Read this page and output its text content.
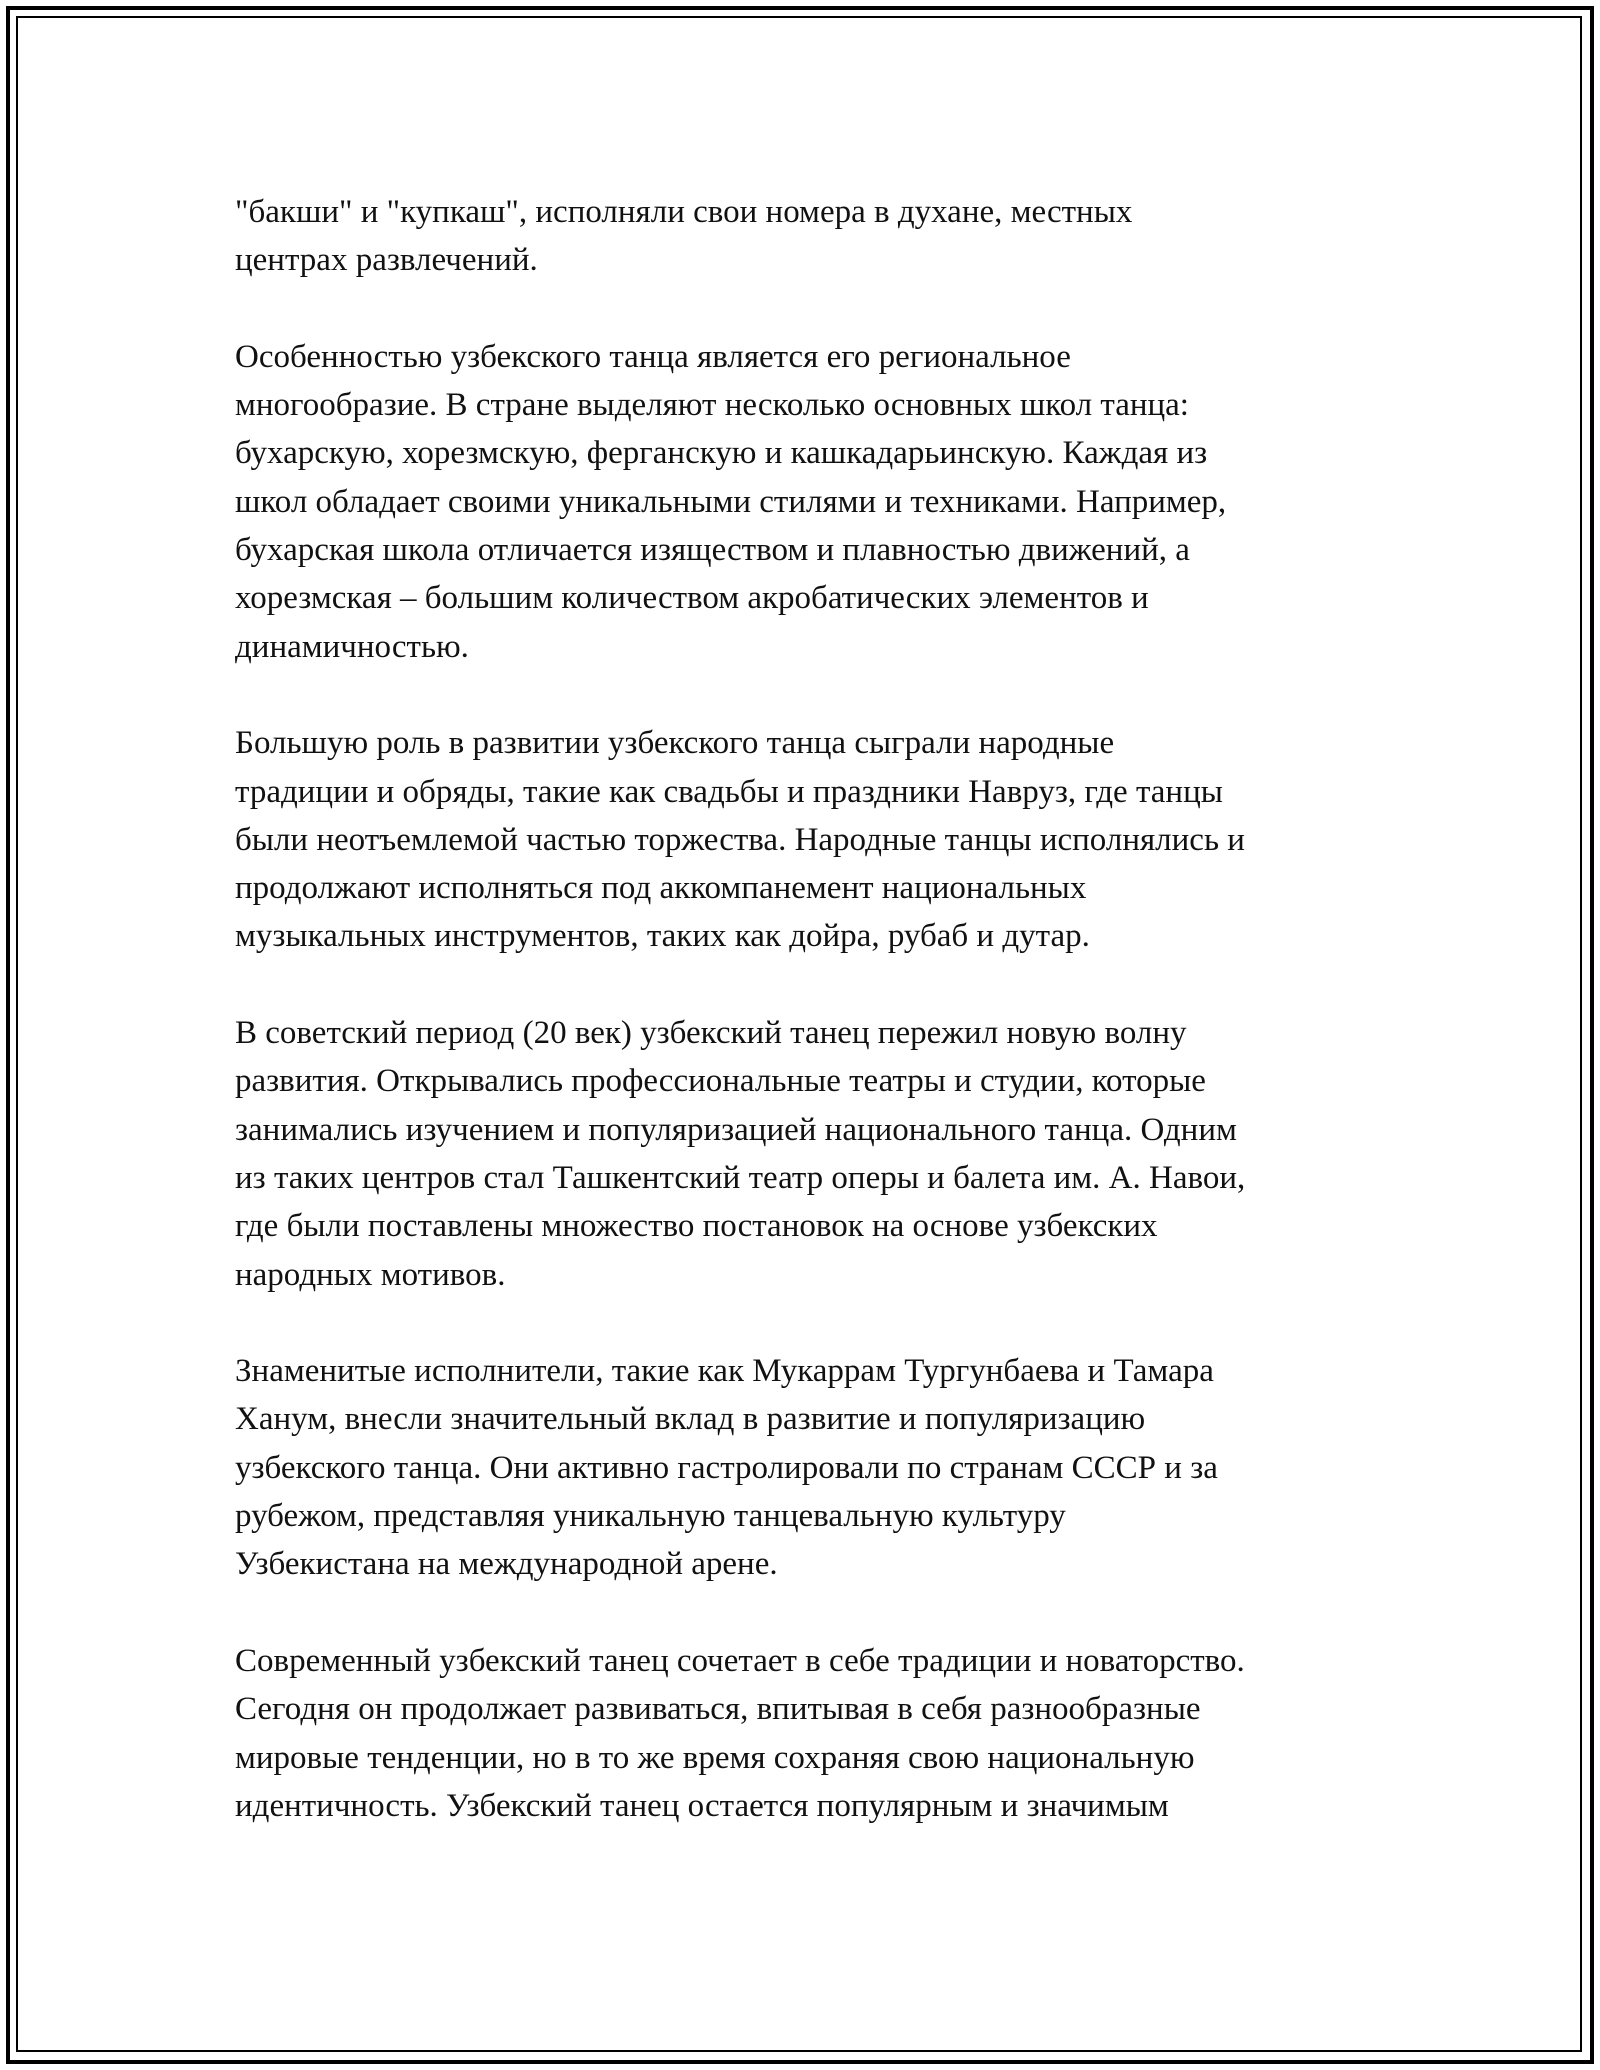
"бакши" и "купкаш", исполняли свои номера в духане, местных
центрах развлечений.

Особенностью узбекского танца является его региональное
многообразие. В стране выделяют несколько основных школ танца:
бухарскую, хорезмскую, ферганскую и кашкадарьинскую. Каждая из
школ обладает своими уникальными стилями и техниками. Например,
бухарская школа отличается изяществом и плавностью движений, а
хорезмская – большим количеством акробатических элементов и
динамичностью.

Большую роль в развитии узбекского танца сыграли народные
традиции и обряды, такие как свадьбы и праздники Навруз, где танцы
были неотъемлемой частью торжества. Народные танцы исполнялись и
продолжают исполняться под аккомпанемент национальных
музыкальных инструментов, таких как дойра, рубаб и дутар.

В советский период (20 век) узбекский танец пережил новую волну
развития. Открывались профессиональные театры и студии, которые
занимались изучением и популяризацией национального танца. Одним
из таких центров стал Ташкентский театр оперы и балета им. А. Навои,
где были поставлены множество постановок на основе узбекских
народных мотивов.

Знаменитые исполнители, такие как Мукаррам Тургунбаева и Тамара
Ханум, внесли значительный вклад в развитие и популяризацию
узбекского танца. Они активно гастролировали по странам СССР и за
рубежом, представляя уникальную танцевальную культуру
Узбекистана на международной арене.

Современный узбекский танец сочетает в себе традиции и новаторство.
Сегодня он продолжает развиваться, впитывая в себя разнообразные
мировые тенденции, но в то же время сохраняя свою национальную
идентичность. Узбекский танец остается популярным и значимым
